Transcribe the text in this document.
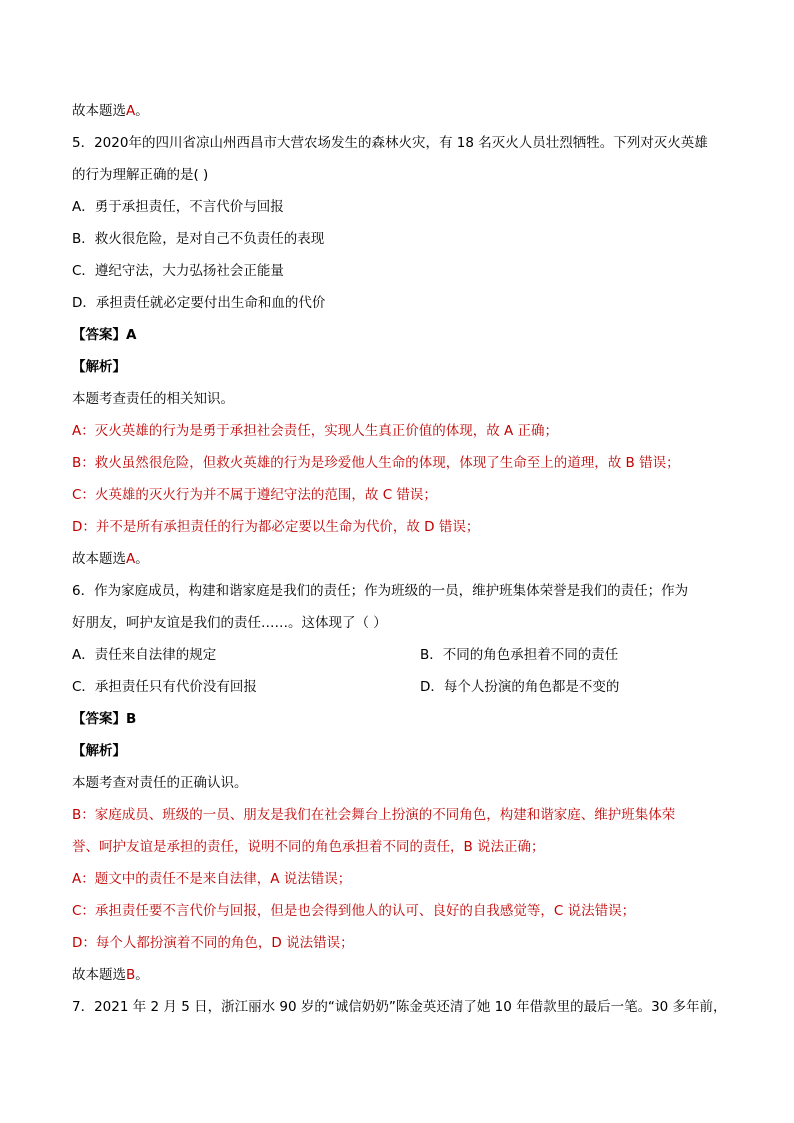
故本题选A。
5．2020年的四川省凉山州西昌市大营农场发生的森林火灾，有 18 名灭火人员壮烈牺牲。下列对灭火英雄
的行为理解正确的是( )
A．勇于承担责任，不言代价与回报
B．救火很危险，是对自己不负责任的表现
C．遵纪守法，大力弘扬社会正能量
D．承担责任就必定要付出生命和血的代价
【答案】A
【解析】
本题考查责任的相关知识。
A：灭火英雄的行为是勇于承担社会责任，实现人生真正价值的体现，故 A 正确；
B：救火虽然很危险，但救火英雄的行为是珍爱他人生命的体现，体现了生命至上的道理，故 B 错误；
C：火英雄的灭火行为并不属于遵纪守法的范围，故 C 错误；
D：并不是所有承担责任的行为都必定要以生命为代价，故 D 错误；
故本题选A。
6．作为家庭成员，构建和谐家庭是我们的责任；作为班级的一员，维护班集体荣誉是我们的责任；作为
好朋友，呵护友谊是我们的责任……。这体现了（ ）
A．责任来自法律的规定	B．不同的角色承担着不同的责任
C．承担责任只有代价没有回报	D．每个人扮演的角色都是不变的
【答案】B
【解析】
本题考查对责任的正确认识。
B：家庭成员、班级的一员、朋友是我们在社会舞台上扮演的不同角色，构建和谐家庭、维护班集体荣
誉、呵护友谊是承担的责任，说明不同的角色承担着不同的责任，B 说法正确；
A：题文中的责任不是来自法律，A 说法错误；
C：承担责任要不言代价与回报，但是也会得到他人的认可、良好的自我感觉等，C 说法错误；
D：每个人都扮演着不同的角色，D 说法错误；
故本题选B。
7．2021 年 2 月 5 日，浙江丽水 90 岁的“诚信奶奶”陈金英还清了她 10 年借款里的最后一笔。30 多年前，
